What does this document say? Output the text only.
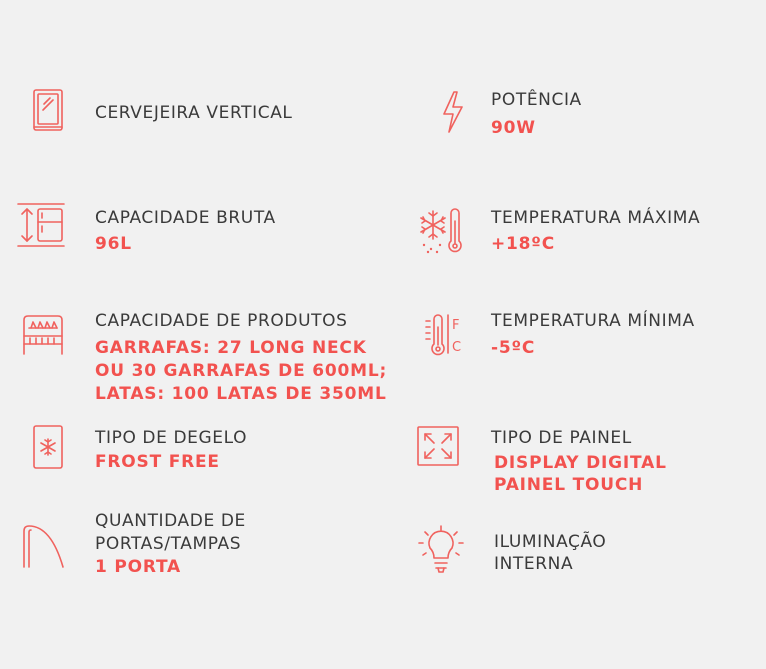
CERVEJEIRA VERTICAL
POTÊNCIA
90W
CAPACIDADE BRUTA
96L
TEMPERATURA MÁXIMA
+18ºC
CAPACIDADE DE PRODUTOS
GARRAFAS: 27 LONG NECK
OU 30 GARRAFAS DE 600ML;
LATAS: 100 LATAS DE 350ML
F
C
TEMPERATURA MÍNIMA
-5ºC
TIPO DE DEGELO
FROST FREE
TIPO DE PAINEL
DISPLAY DIGITAL
PAINEL TOUCH
QUANTIDADE DE
PORTAS/TAMPAS
1 PORTA
ILUMINAÇÃO
INTERNA
